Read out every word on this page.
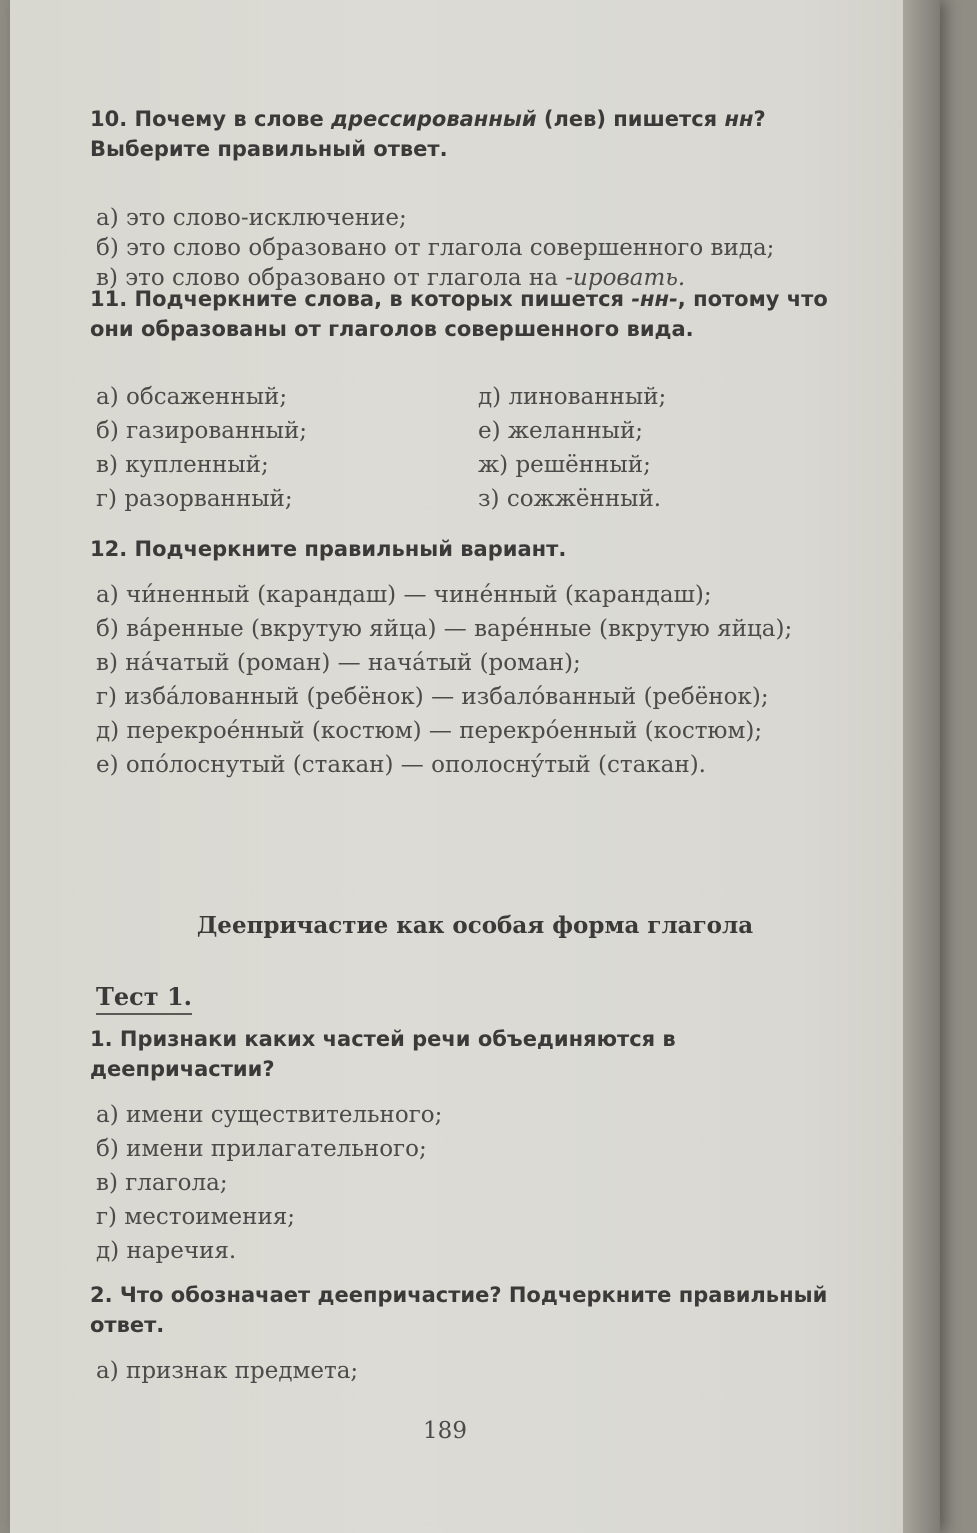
10. Почему в слове дрессированный (лев) пишется нн? Выберите правильный ответ.

а) это слово-исключение;

б) это слово образовано от глагола совершенного вида;

в) это слово образовано от глагола на -ировать.

11. Подчеркните слова, в которых пишется -нн-, потому что они образованы от глаголов совершенного вида.

а) обсаженный;
б) газированный;
в) купленный;
г) разорванный;
д) линованный;
е) желанный;
ж) решённый;
з) сожжённый.

12. Подчеркните правильный вариант.

а) чи́ненный (карандаш) — чине́нный (карандаш);
б) ва́ренные (вкрутую яйца) — варе́нные (вкрутую яйца);
в) на́чатый (роман) — нача́тый (роман);
г) изба́лованный (ребёнок) — избало́ванный (ребёнок);
д) перекрое́нный (костюм) — перекро́енный (костюм);
е) опо́лоснутый (стакан) — ополосну́тый (стакан).
Деепричастие как особая форма глагола
Тест 1.

1. Признаки каких частей речи объединяются в деепричастии?

а) имени существительного;
б) имени прилагательного;
в) глагола;
г) местоимения;
д) наречия.

2. Что обозначает деепричастие? Подчеркните правильный ответ.

а) признак предмета;
189
